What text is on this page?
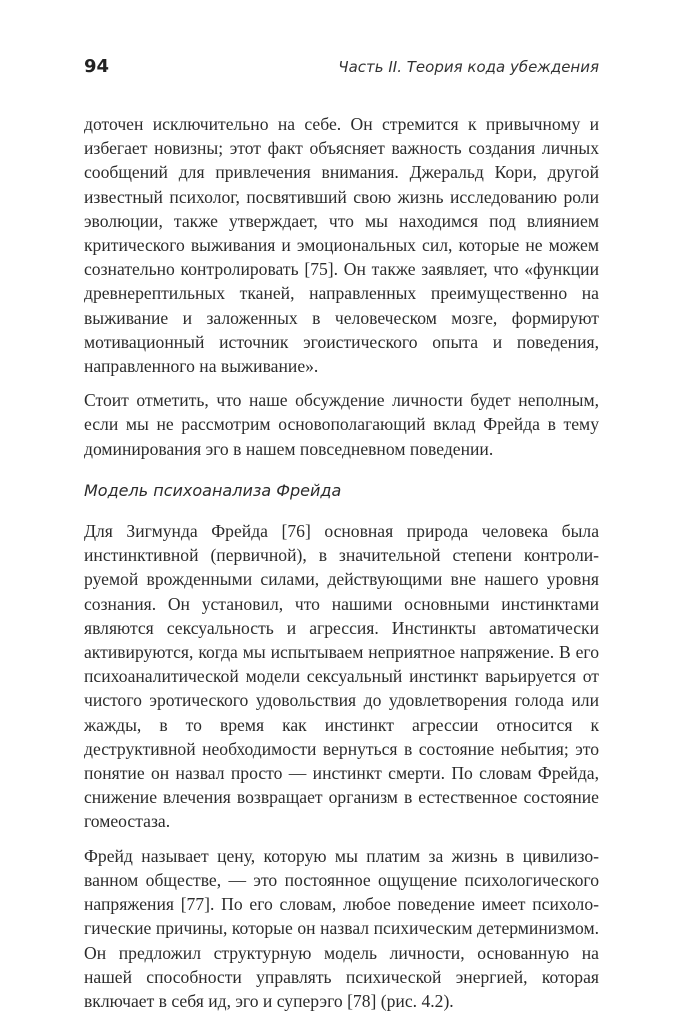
94	Часть II. Теория кода убеждения

доточен исключительно на себе. Он стремится к привычному и избегает новизны; этот факт объясняет важность создания личных сообщений для привлечения внимания. Джеральд Кори, другой известный психолог, посвятивший свою жизнь исследованию роли эволюции, также утверждает, что мы находимся под влиянием критического выживания и эмоциональных сил, которые не можем сознательно контролировать [75]. Он также заявляет, что «функции древнерептильных тканей, направленных преимущественно на выживание и заложенных в человеческом мозге, формируют мотивационный источник эгоистического опыта и поведения, направленного на выживание».

Стоит отметить, что наше обсуждение личности будет неполным, если мы не рассмотрим основополагающий вклад Фрейда в тему доминирования эго в нашем повседневном поведении.

Модель психоанализа Фрейда

Для Зигмунда Фрейда [76] основная природа человека была инстинктивной (первичной), в значительной степени контролируемой врожденными силами, действующими вне нашего уровня сознания. Он установил, что нашими основными инстинктами являются сексуальность и агрессия. Инстинкты автоматически активируются, когда мы испытываем неприятное напряжение. В его психоаналитической модели сексуальный инстинкт варьируется от чистого эротического удовольствия до удовлетворения голода или жажды, в то время как инстинкт агрессии относится к деструктивной необходимости вернуться в состояние небытия; это понятие он назвал просто — инстинкт смерти. По словам Фрейда, снижение влечения возвращает организм в естественное состояние гомеостаза.

Фрейд называет цену, которую мы платим за жизнь в цивилизованном обществе, — это постоянное ощущение психологического напряжения [77]. По его словам, любое поведение имеет психологические причины, которые он назвал психическим детерминизмом. Он предложил структурную модель личности, основанную на нашей способности управлять психической энергией, которая включает в себя ид, эго и суперэго [78] (рис. 4.2).
